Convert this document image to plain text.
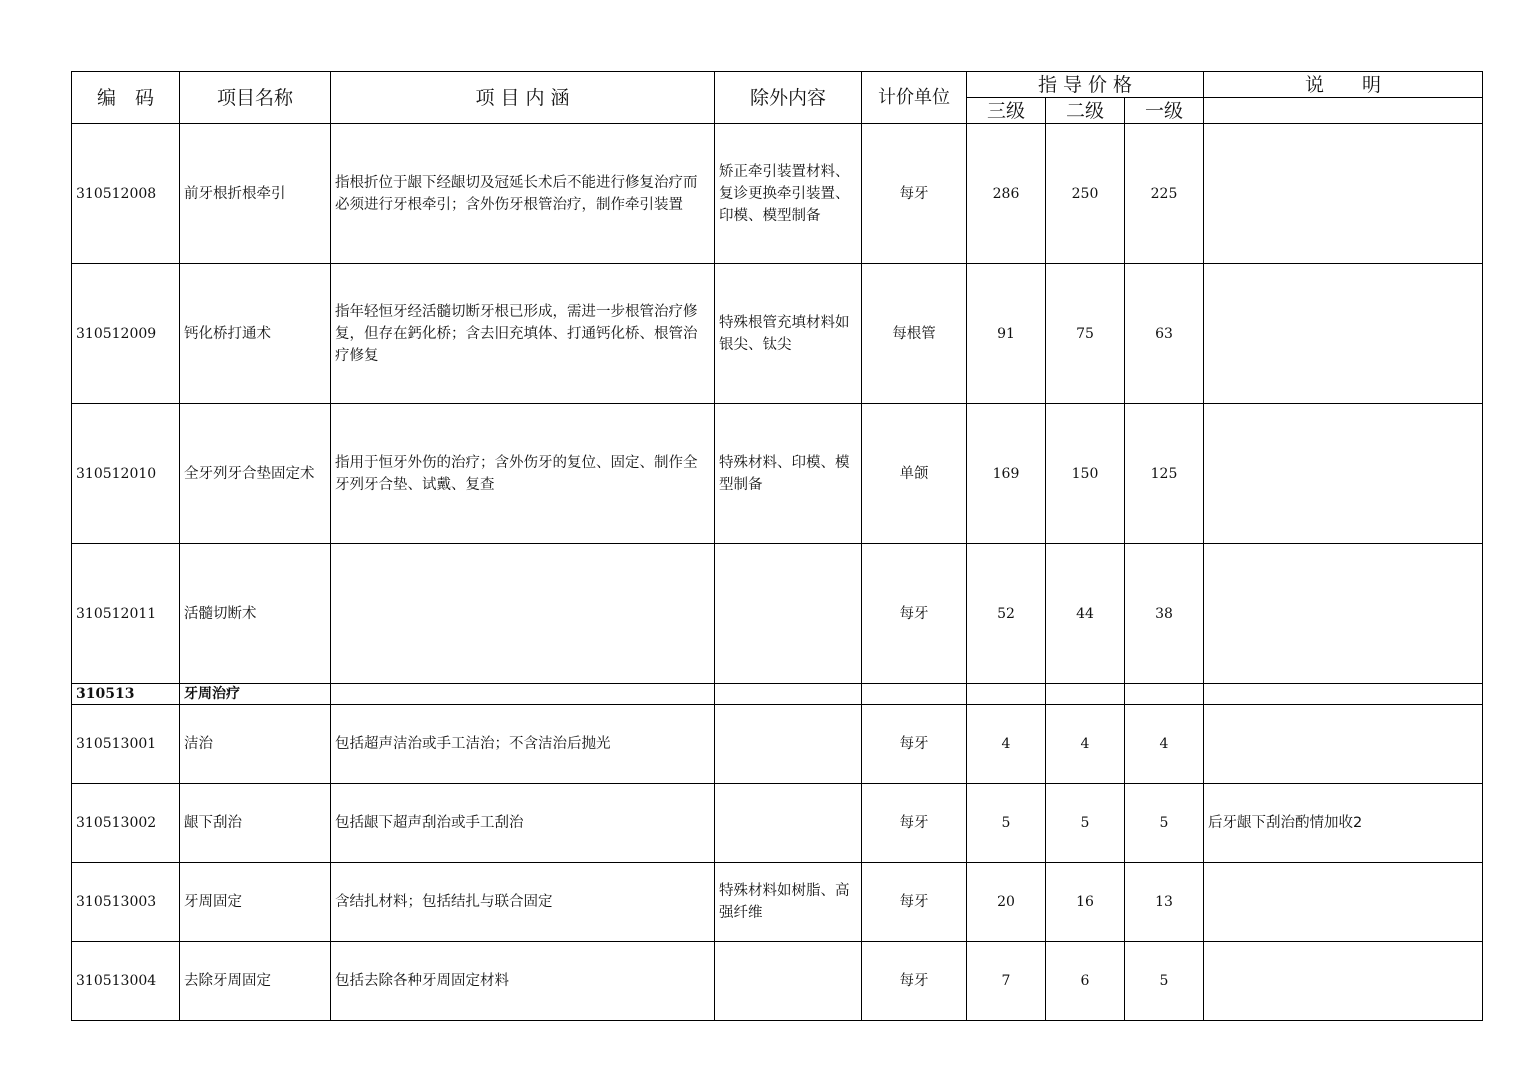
编　码	项目名称	项 目 内 涵	除外内容	计价单位	指 导 价 格			说　　明
					三级	二级	一级	
310512008	前牙根折根牵引	指根折位于龈下经龈切及冠延长术后不能进行修复治疗而必须进行牙根牵引；含外伤牙根管治疗，制作牵引装置	矫正牵引装置材料、复诊更换牵引装置、印模、模型制备	每牙	286	250	225	
310512009	钙化桥打通术	指年轻恒牙经活髓切断牙根已形成，需进一步根管治疗修复，但存在鈣化桥；含去旧充填体、打通钙化桥、根管治疗修复	特殊根管充填材料如银尖、钛尖	每根管	91	75	63	
310512010	全牙列牙合垫固定术	指用于恒牙外伤的治疗；含外伤牙的复位、固定、制作全牙列牙合垫、试戴、复查	特殊材料、印模、模型制备	单颌	169	150	125	
310512011	活髓切断术			每牙	52	44	38	
310513	牙周治疗							
310513001	洁治	包括超声洁治或手工洁治；不含洁治后抛光		每牙	4	4	4	
310513002	龈下刮治	包括龈下超声刮治或手工刮治		每牙	5	5	5	后牙龈下刮治酌情加收2
310513003	牙周固定	含结扎材料；包括结扎与联合固定	特殊材料如树脂、高强纤维	每牙	20	16	13	
310513004	去除牙周固定	包括去除各种牙周固定材料		每牙	7	6	5	
